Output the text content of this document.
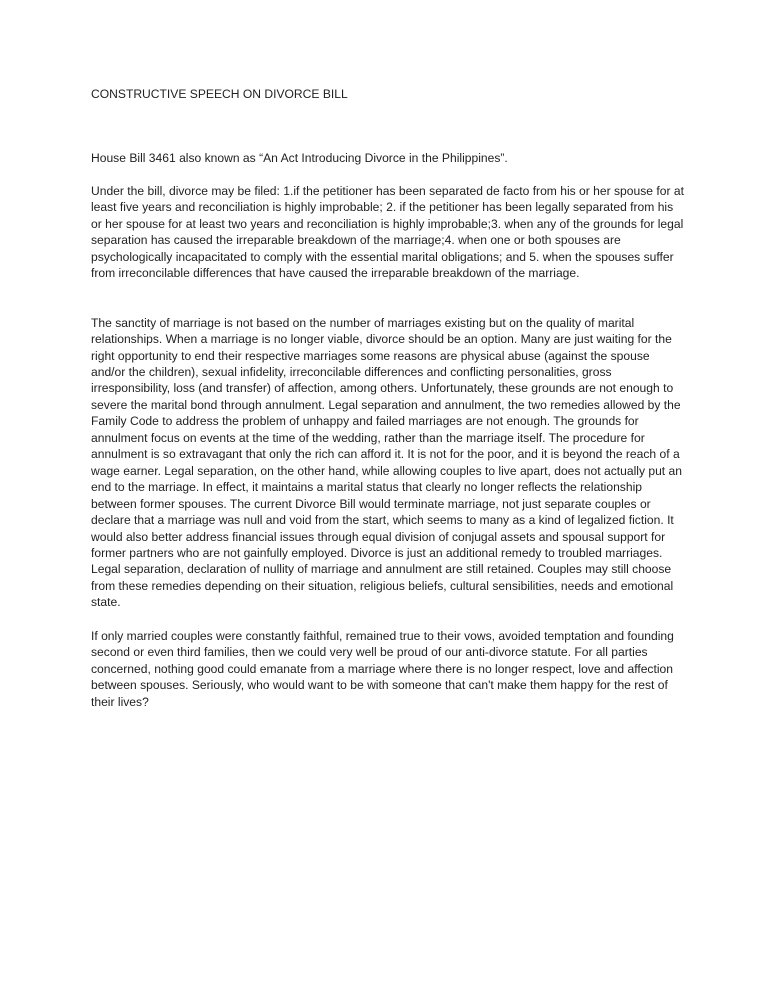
CONSTRUCTIVE SPEECH ON DIVORCE BILL

House Bill 3461 also known as “An Act Introducing Divorce in the Philippines”.

Under the bill, divorce may be filed: 1.if the petitioner has been separated de facto from his or her spouse for at least five years and reconciliation is highly improbable; 2. if the petitioner has been legally separated from his or her spouse for at least two years and reconciliation is highly improbable;3. when any of the grounds for legal separation has caused the irreparable breakdown of the marriage;4. when one or both spouses are psychologically incapacitated to comply with the essential marital obligations; and 5. when the spouses suffer from irreconcilable differences that have caused the irreparable breakdown of the marriage.

The sanctity of marriage is not based on the number of marriages existing but on the quality of marital relationships. When a marriage is no longer viable, divorce should be an option. Many are just waiting for the right opportunity to end their respective marriages some reasons are physical abuse (against the spouse and/or the children), sexual infidelity, irreconcilable differences and conflicting personalities, gross irresponsibility, loss (and transfer) of affection, among others. Unfortunately, these grounds are not enough to severe the marital bond through annulment. Legal separation and annulment, the two remedies allowed by the Family Code to address the problem of unhappy and failed marriages are not enough. The grounds for annulment focus on events at the time of the wedding, rather than the marriage itself. The procedure for annulment is so extravagant that only the rich can afford it. It is not for the poor, and it is beyond the reach of a wage earner. Legal separation, on the other hand, while allowing couples to live apart, does not actually put an end to the marriage. In effect, it maintains a marital status that clearly no longer reflects the relationship between former spouses. The current Divorce Bill would terminate marriage, not just separate couples or declare that a marriage was null and void from the start, which seems to many as a kind of legalized fiction. It would also better address financial issues through equal division of conjugal assets and spousal support for former partners who are not gainfully employed. Divorce is just an additional remedy to troubled marriages. Legal separation, declaration of nullity of marriage and annulment are still retained. Couples may still choose from these remedies depending on their situation, religious beliefs, cultural sensibilities, needs and emotional state.

If only married couples were constantly faithful, remained true to their vows, avoided temptation and founding second or even third families, then we could very well be proud of our anti-divorce statute. For all parties concerned, nothing good could emanate from a marriage where there is no longer respect, love and affection between spouses. Seriously, who would want to be with someone that can't make them happy for the rest of their lives?
